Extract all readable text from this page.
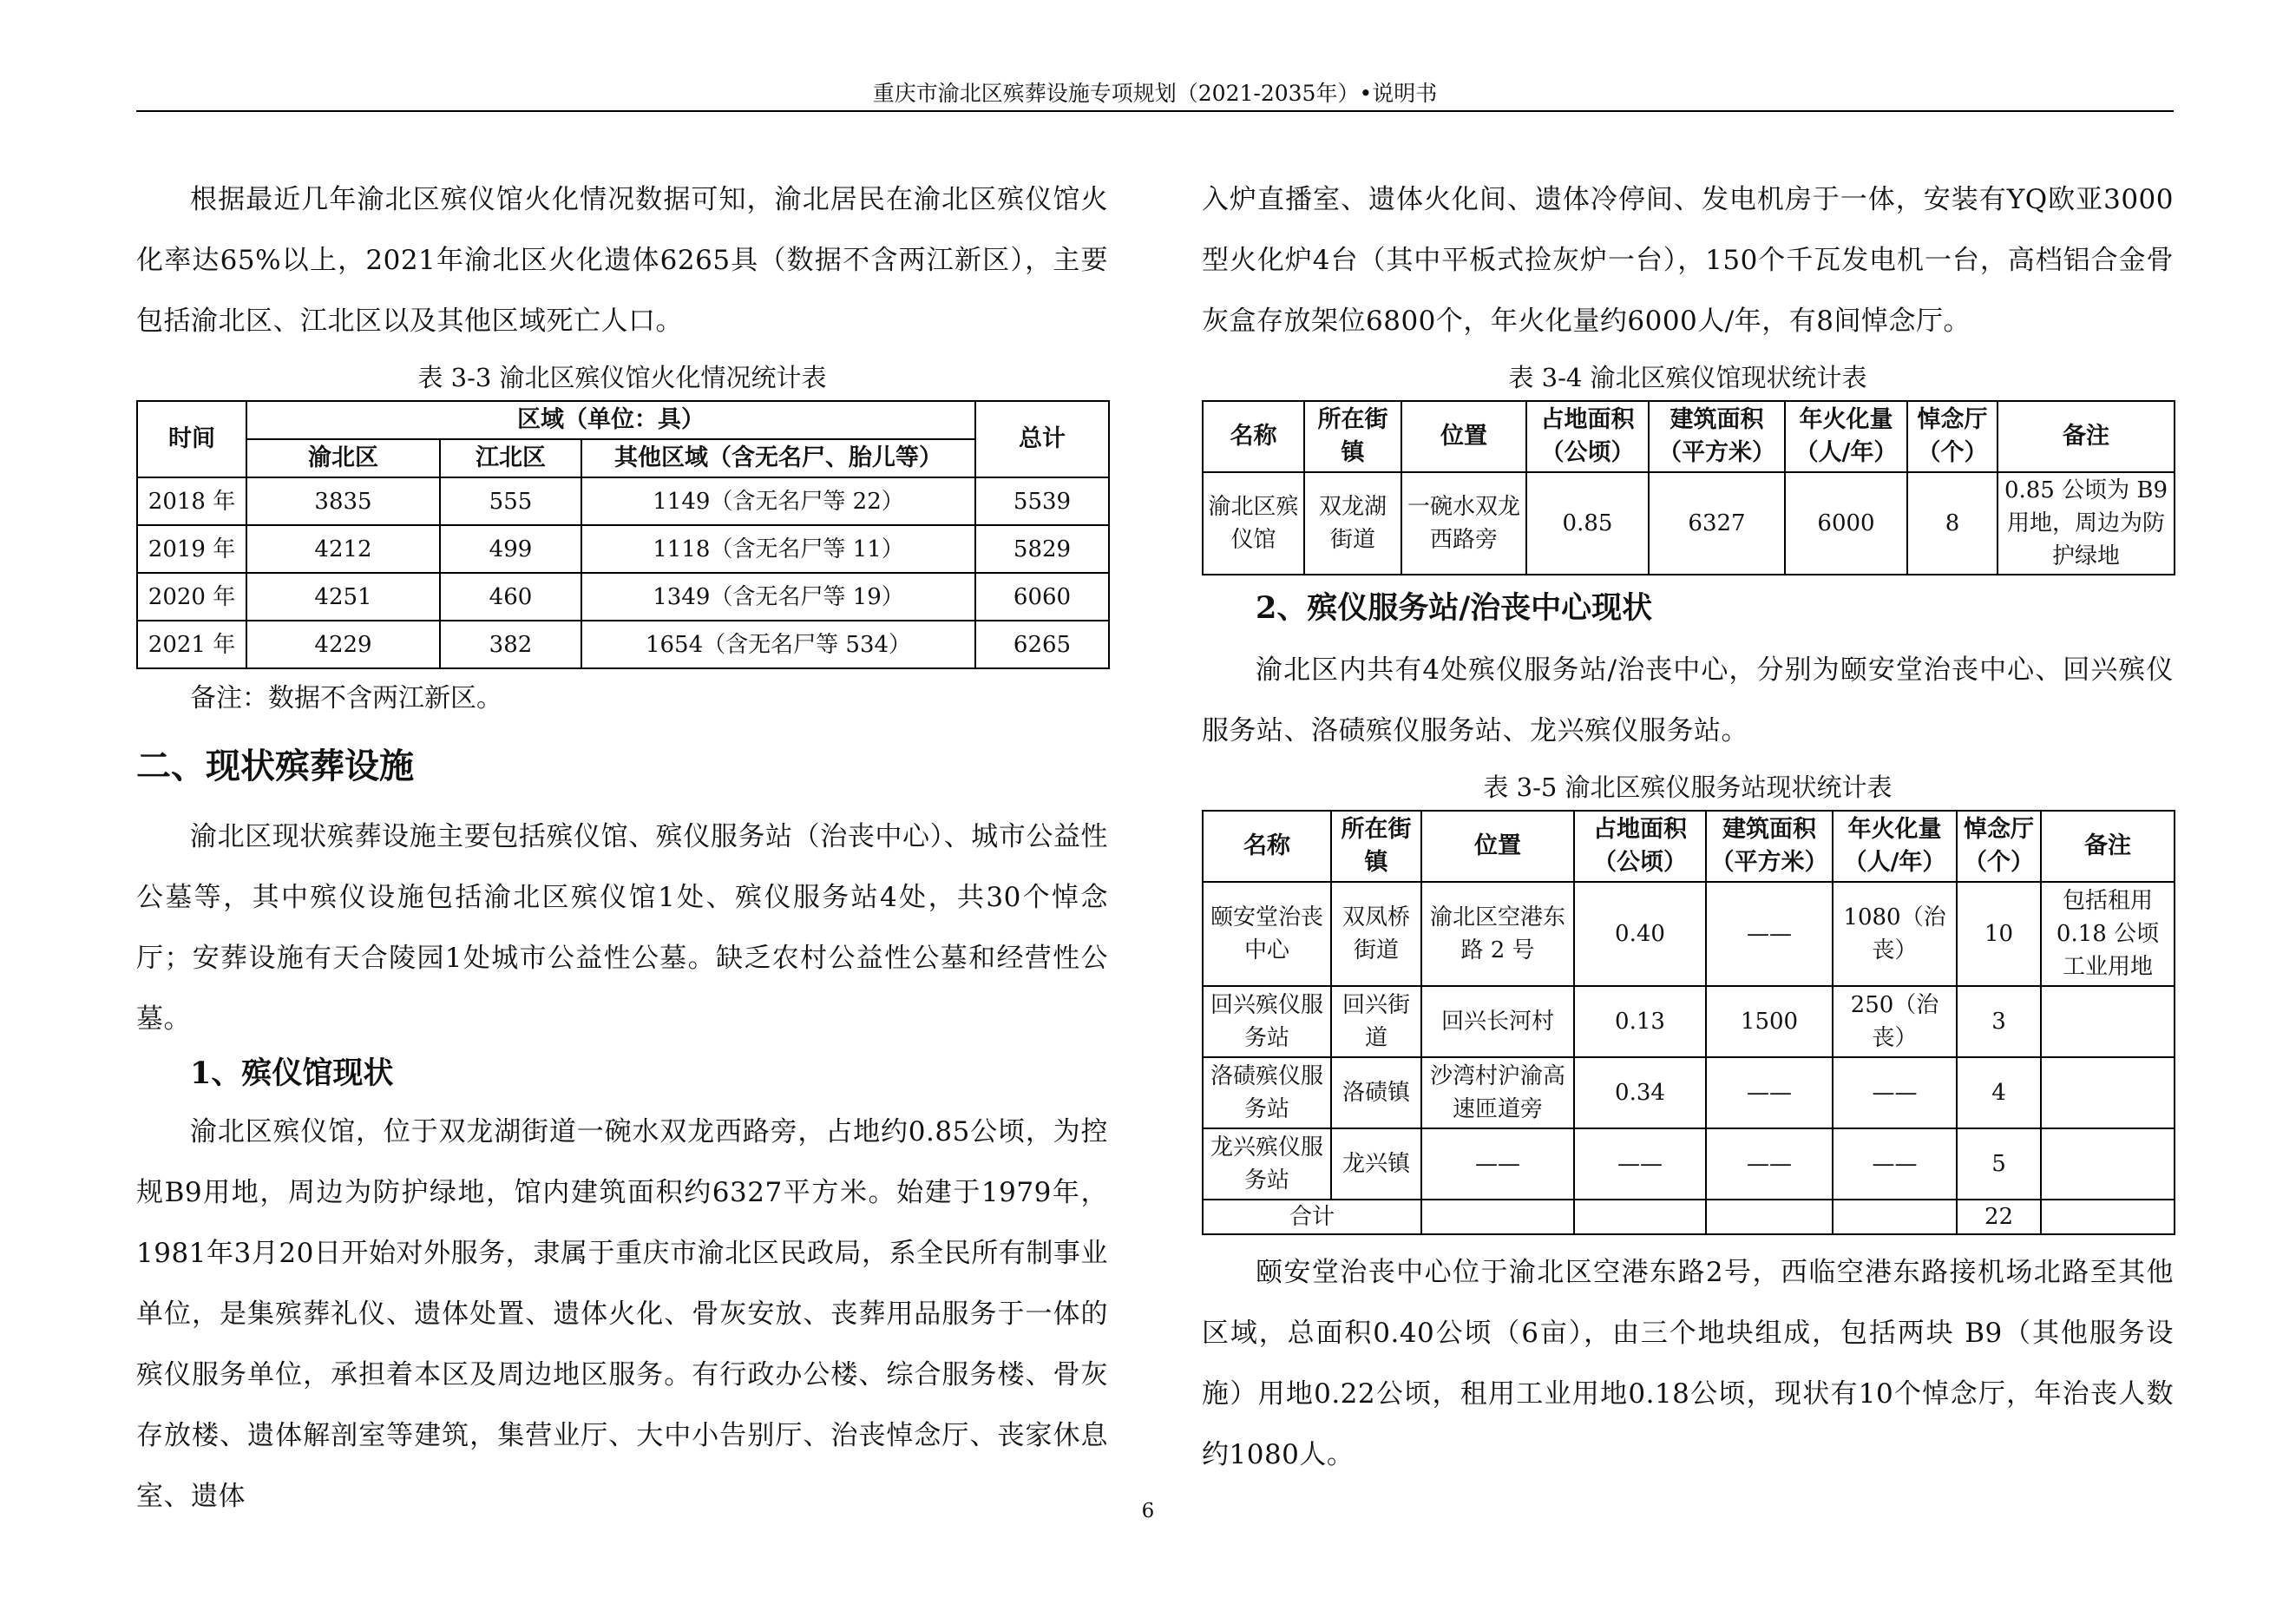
重庆市渝北区殡葬设施专项规划（2021-2035年）•说明书

根据最近几年渝北区殡仪馆火化情况数据可知，渝北居民在渝北区殡仪馆火化率达65%以上，2021年渝北区火化遗体6265具（数据不含两江新区），主要包括渝北区、江北区以及其他区域死亡人口。

表 3-3 渝北区殡仪馆火化情况统计表

时间	区域（单位：具）			总计
	渝北区	江北区	其他区域（含无名尸、胎儿等）	
2018 年	3835	555	1149（含无名尸等 22）	5539
2019 年	4212	499	1118（含无名尸等 11）	5829
2020 年	4251	460	1349（含无名尸等 19）	6060
2021 年	4229	382	1654（含无名尸等 534）	6265

备注：数据不含两江新区。

二、现状殡葬设施

渝北区现状殡葬设施主要包括殡仪馆、殡仪服务站（治丧中心）、城市公益性公墓等，其中殡仪设施包括渝北区殡仪馆1处、殡仪服务站4处，共30个悼念厅；安葬设施有天合陵园1处城市公益性公墓。缺乏农村公益性公墓和经营性公墓。

1、殡仪馆现状

渝北区殡仪馆，位于双龙湖街道一碗水双龙西路旁，占地约0.85公顷，为控规B9用地，周边为防护绿地，馆内建筑面积约6327平方米。始建于1979年，1981年3月20日开始对外服务，隶属于重庆市渝北区民政局，系全民所有制事业单位，是集殡葬礼仪、遗体处置、遗体火化、骨灰安放、丧葬用品服务于一体的殡仪服务单位，承担着本区及周边地区服务。有行政办公楼、综合服务楼、骨灰存放楼、遗体解剖室等建筑，集营业厅、大中小告别厅、治丧悼念厅、丧家休息室、遗体

入炉直播室、遗体火化间、遗体冷停间、发电机房于一体，安装有YQ欧亚3000型火化炉4台（其中平板式捡灰炉一台），150个千瓦发电机一台，高档铝合金骨灰盒存放架位6800个，年火化量约6000人/年，有8间悼念厅。

表 3-4 渝北区殡仪馆现状统计表

名称	所在街镇	位置	占地面积（公顷）	建筑面积（平方米）	年火化量（人/年）	悼念厅（个）	备注
渝北区殡仪馆	双龙湖街道	一碗水双龙西路旁	0.85	6327	6000	8	0.85 公顷为 B9 用地，周边为防护绿地

2、殡仪服务站/治丧中心现状

渝北区内共有4处殡仪服务站/治丧中心，分别为颐安堂治丧中心、回兴殡仪服务站、洛碛殡仪服务站、龙兴殡仪服务站。

表 3-5 渝北区殡仪服务站现状统计表

名称	所在街镇	位置	占地面积（公顷）	建筑面积（平方米）	年火化量（人/年）	悼念厅（个）	备注
颐安堂治丧中心	双凤桥街道	渝北区空港东路 2 号	0.40	——	1080（治丧）	10	包括租用 0.18 公顷工业用地
回兴殡仪服务站	回兴街道	回兴长河村	0.13	1500	250（治丧）	3	
洛碛殡仪服务站	洛碛镇	沙湾村沪渝高速匝道旁	0.34	——	——	4	
龙兴殡仪服务站	龙兴镇	——	——	——	——	5	
合计						22	

颐安堂治丧中心位于渝北区空港东路2号，西临空港东路接机场北路至其他区域，总面积0.40公顷（6亩），由三个地块组成，包括两块 B9（其他服务设施）用地0.22公顷，租用工业用地0.18公顷，现状有10个悼念厅，年治丧人数约1080人。

6
